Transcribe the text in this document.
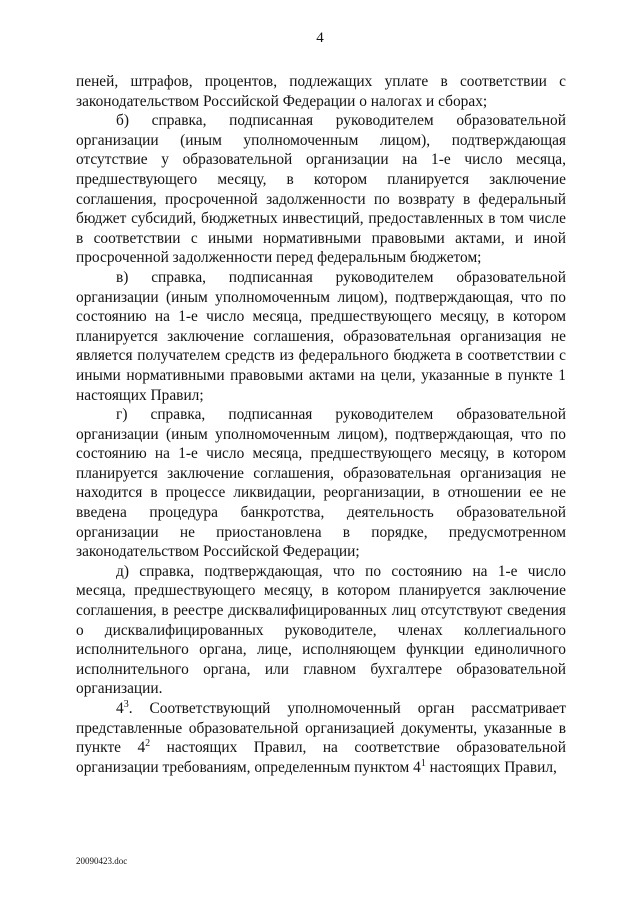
4

пеней, штрафов, процентов, подлежащих уплате в соответствии с законодательством Российской Федерации о налогах и сборах;

б) справка, подписанная руководителем образовательной организации (иным уполномоченным лицом), подтверждающая отсутствие у образовательной организации на 1-е число месяца, предшествующего месяцу, в котором планируется заключение соглашения, просроченной задолженности по возврату в федеральный бюджет субсидий, бюджетных инвестиций, предоставленных в том числе в соответствии с иными нормативными правовыми актами, и иной просроченной задолженности перед федеральным бюджетом;

в) справка, подписанная руководителем образовательной организации (иным уполномоченным лицом), подтверждающая, что по состоянию на 1-е число месяца, предшествующего месяцу, в котором планируется заключение соглашения, образовательная организация не является получателем средств из федерального бюджета в соответствии с иными нормативными правовыми актами на цели, указанные в пункте 1 настоящих Правил;

г) справка, подписанная руководителем образовательной организации (иным уполномоченным лицом), подтверждающая, что по состоянию на 1-е число месяца, предшествующего месяцу, в котором планируется заключение соглашения, образовательная организация не находится в процессе ликвидации, реорганизации, в отношении ее не введена процедура банкротства, деятельность образовательной организации не приостановлена в порядке, предусмотренном законодательством Российской Федерации;

д) справка, подтверждающая, что по состоянию на 1-е число месяца, предшествующего месяцу, в котором планируется заключение соглашения, в реестре дисквалифицированных лиц отсутствуют сведения о дисквалифицированных руководителе, членах коллегиального исполнительного органа, лице, исполняющем функции единоличного исполнительного органа, или главном бухгалтере образовательной организации.

$4^3$. Соответствующий уполномоченный орган рассматривает представленные образовательной организацией документы, указанные в пункте $4^2$ настоящих Правил, на соответствие образовательной организации требованиям, определенным пунктом $4^1$ настоящих Правил,

20090423.doc
